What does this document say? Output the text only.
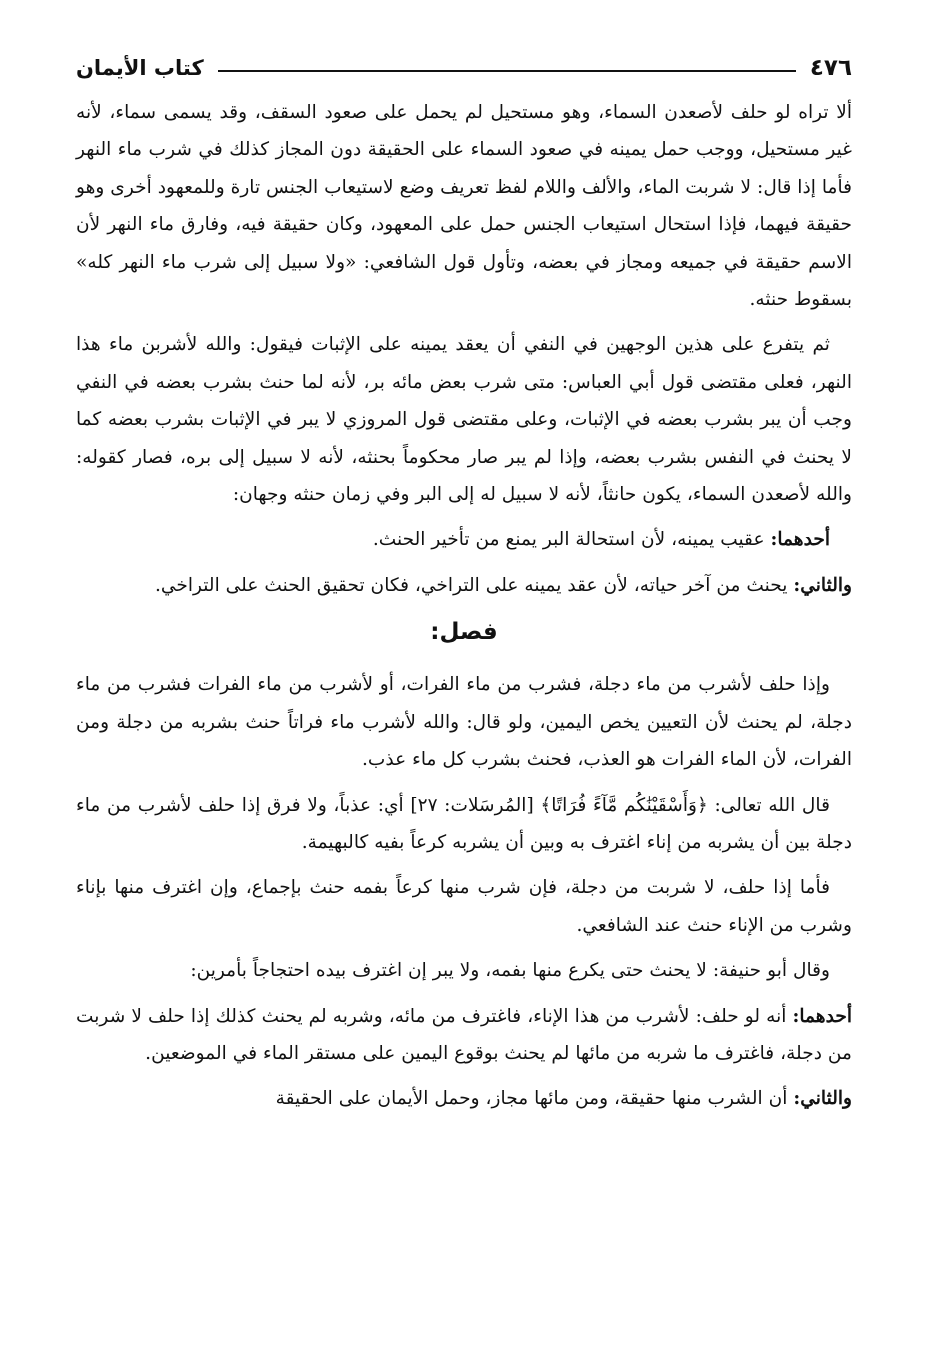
٤٧٦
كتاب الأيمان

ألا تراه لو حلف لأصعدن السماء، وهو مستحيل لم يحمل على صعود السقف، وقد يسمى سماء، لأنه غير مستحيل، ووجب حمل يمينه في صعود السماء على الحقيقة دون المجاز كذلك في شرب ماء النهر فأما إذا قال: لا شربت الماء، والألف واللام لفظ تعريف وضع لاستيعاب الجنس تارة وللمعهود أخرى وهو حقيقة فيهما، فإذا استحال استيعاب الجنس حمل على المعهود، وكان حقيقة فيه، وفارق ماء النهر لأن الاسم حقيقة في جميعه ومجاز في بعضه، وتأول قول الشافعي: «ولا سبيل إلى شرب ماء النهر كله» بسقوط حنثه.

ثم يتفرع على هذين الوجهين في النفي أن يعقد يمينه على الإثبات فيقول: والله لأشربن ماء هذا النهر، فعلى مقتضى قول أبي العباس: متى شرب بعض مائه بر، لأنه لما حنث بشرب بعضه في النفي وجب أن يبر بشرب بعضه في الإثبات، وعلى مقتضى قول المروزي لا يبر في الإثبات بشرب بعضه كما لا يحنث في النفس بشرب بعضه، وإذا لم يبر صار محكوماً بحنثه، لأنه لا سبيل إلى بره، فصار كقوله: والله لأصعدن السماء، يكون حانثاً، لأنه لا سبيل له إلى البر وفي زمان حنثه وجهان:

أحدهما: عقيب يمينه، لأن استحالة البر يمنع من تأخير الحنث.

والثاني: يحنث من آخر حياته، لأن عقد يمينه على التراخي، فكان تحقيق الحنث على التراخي.

فصل:

وإذا حلف لأشرب من ماء دجلة، فشرب من ماء الفرات، أو لأشرب من ماء الفرات فشرب من ماء دجلة، لم يحنث لأن التعيين يخص اليمين، ولو قال: والله لأشرب ماء فراتاً حنث بشربه من دجلة ومن الفرات، لأن الماء الفرات هو العذب، فحنث بشرب كل ماء عذب.

قال الله تعالى: ﴿وَأَسْقَيْنَٰكُم مَّآءً فُرَاتًا﴾ [المُرسَلات: ٢٧] أي: عذباً، ولا فرق إذا حلف لأشرب من ماء دجلة بين أن يشربه من إناء اغترف به وبين أن يشربه كرعاً بفيه كالبهيمة.

فأما إذا حلف، لا شربت من دجلة، فإن شرب منها كرعاً بفمه حنث بإجماع، وإن اغترف منها بإناء وشرب من الإناء حنث عند الشافعي.

وقال أبو حنيفة: لا يحنث حتى يكرع منها بفمه، ولا يبر إن اغترف بيده احتجاجاً بأمرين:

أحدهما: أنه لو حلف: لأشرب من هذا الإناء، فاغترف من مائه، وشربه لم يحنث كذلك إذا حلف لا شربت من دجلة، فاغترف ما شربه من مائها لم يحنث بوقوع اليمين على مستقر الماء في الموضعين.

والثاني: أن الشرب منها حقيقة، ومن مائها مجاز، وحمل الأيمان على الحقيقة
